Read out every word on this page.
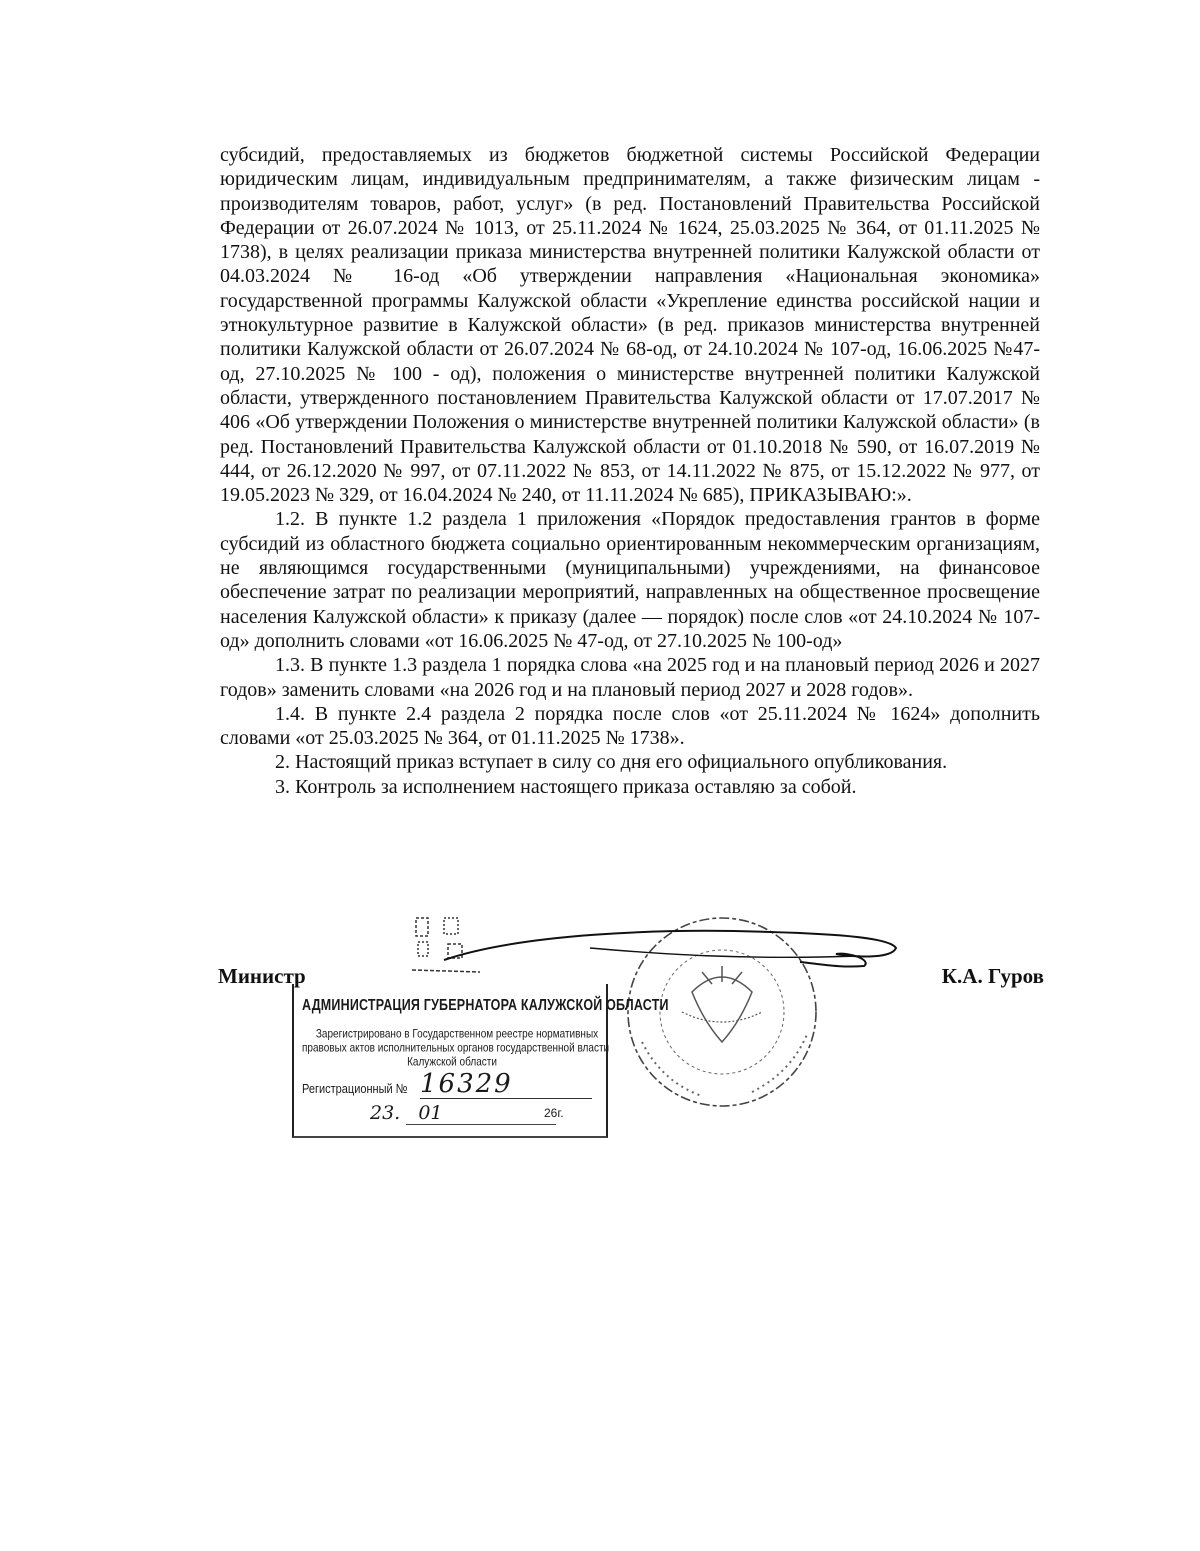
субсидий, предоставляемых из бюджетов бюджетной системы Российской Федерации юридическим лицам, индивидуальным предпринимателям, а также физическим лицам - производителям товаров, работ, услуг» (в ред. Постановлений Правительства Российской Федерации от 26.07.2024 № 1013, от 25.11.2024 № 1624, 25.03.2025 № 364, от 01.11.2025 № 1738), в целях реализации приказа министерства внутренней политики Калужской области от 04.03.2024 № 16-од «Об утверждении направления «Национальная экономика» государственной программы Калужской области «Укрепление единства российской нации и этнокультурное развитие в Калужской области» (в ред. приказов министерства внутренней политики Калужской области от 26.07.2024 № 68-од, от 24.10.2024 № 107-од, 16.06.2025 №47-од, 27.10.2025 № 100 - од), положения о министерстве внутренней политики Калужской области, утвержденного постановлением Правительства Калужской области от 17.07.2017 № 406 «Об утверждении Положения о министерстве внутренней политики Калужской области» (в ред. Постановлений Правительства Калужской области от 01.10.2018 № 590, от 16.07.2019 № 444, от 26.12.2020 № 997, от 07.11.2022 № 853, от 14.11.2022 № 875, от 15.12.2022 № 977, от 19.05.2023 № 329, от 16.04.2024 № 240, от 11.11.2024 № 685), ПРИКАЗЫВАЮ:».

1.2. В пункте 1.2 раздела 1 приложения «Порядок предоставления грантов в форме субсидий из областного бюджета социально ориентированным некоммерческим организациям, не являющимся государственными (муниципальными) учреждениями, на финансовое обеспечение затрат по реализации мероприятий, направленных на общественное просвещение населения Калужской области» к приказу (далее — порядок) после слов «от 24.10.2024 № 107-од» дополнить словами «от 16.06.2025 № 47-од, от 27.10.2025 № 100-од»

1.3. В пункте 1.3 раздела 1 порядка слова «на 2025 год и на плановый период 2026 и 2027 годов» заменить словами «на 2026 год и на плановый период 2027 и 2028 годов».

1.4. В пункте 2.4 раздела 2 порядка после слов «от 25.11.2024 № 1624» дополнить словами «от 25.03.2025 № 364, от 01.11.2025 № 1738».

2. Настоящий приказ вступает в силу со дня его официального опубликования.

3. Контроль за исполнением настоящего приказа оставляю за собой.

Министр	К.А. Гуров
АДМИНИСТРАЦИЯ ГУБЕРНАТОРА КАЛУЖСКОЙ ОБЛАСТИ
Зарегистрировано в Государственном реестре нормативных
правовых актов исполнительных органов государственной власти
Калужской области
Регистрационный № 16329
23.   01	26г.
